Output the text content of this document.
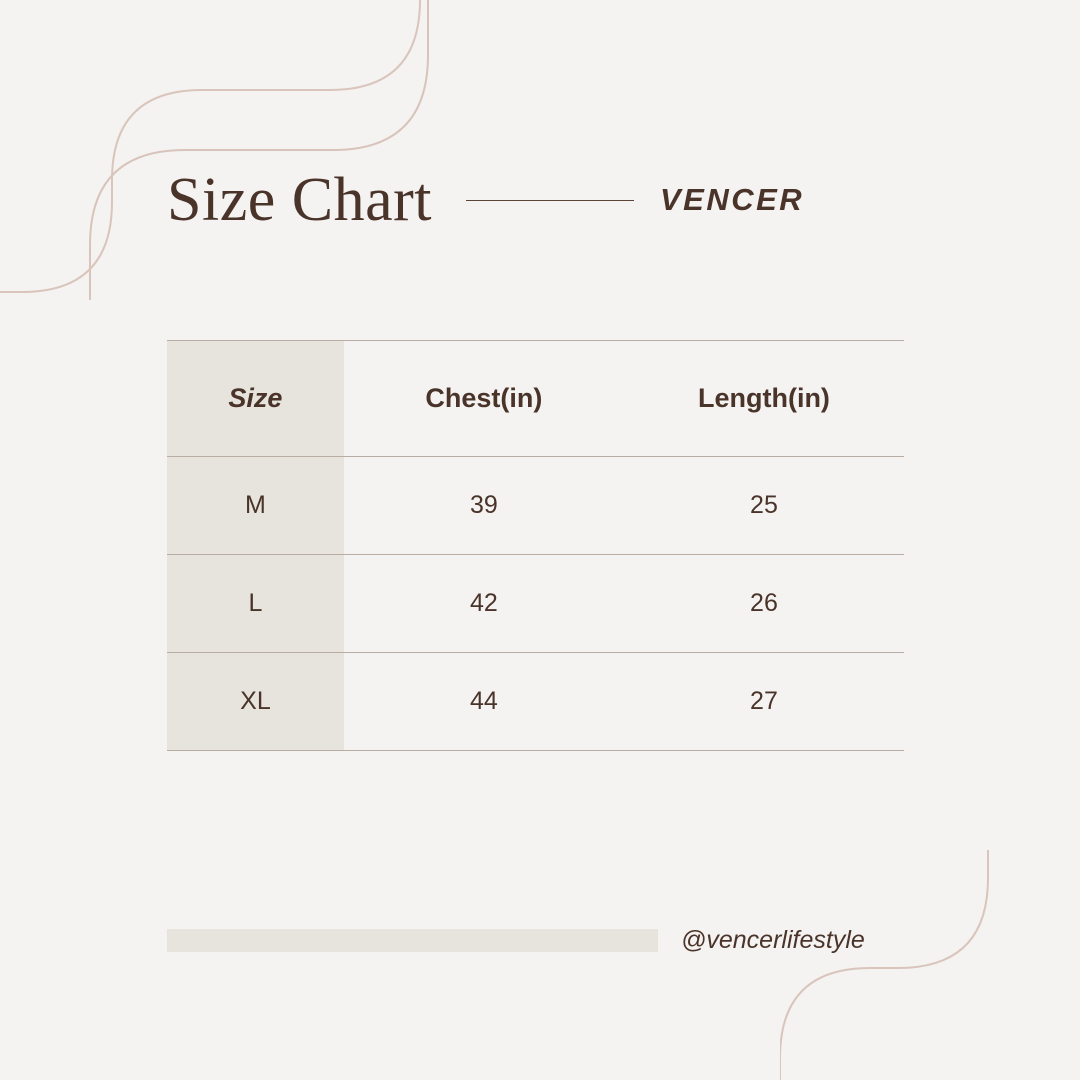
Size Chart	VENCER
Size	Chest(in)	Length(in)
M	39	25
L	42	26
XL	44	27
@vencerlifestyle
